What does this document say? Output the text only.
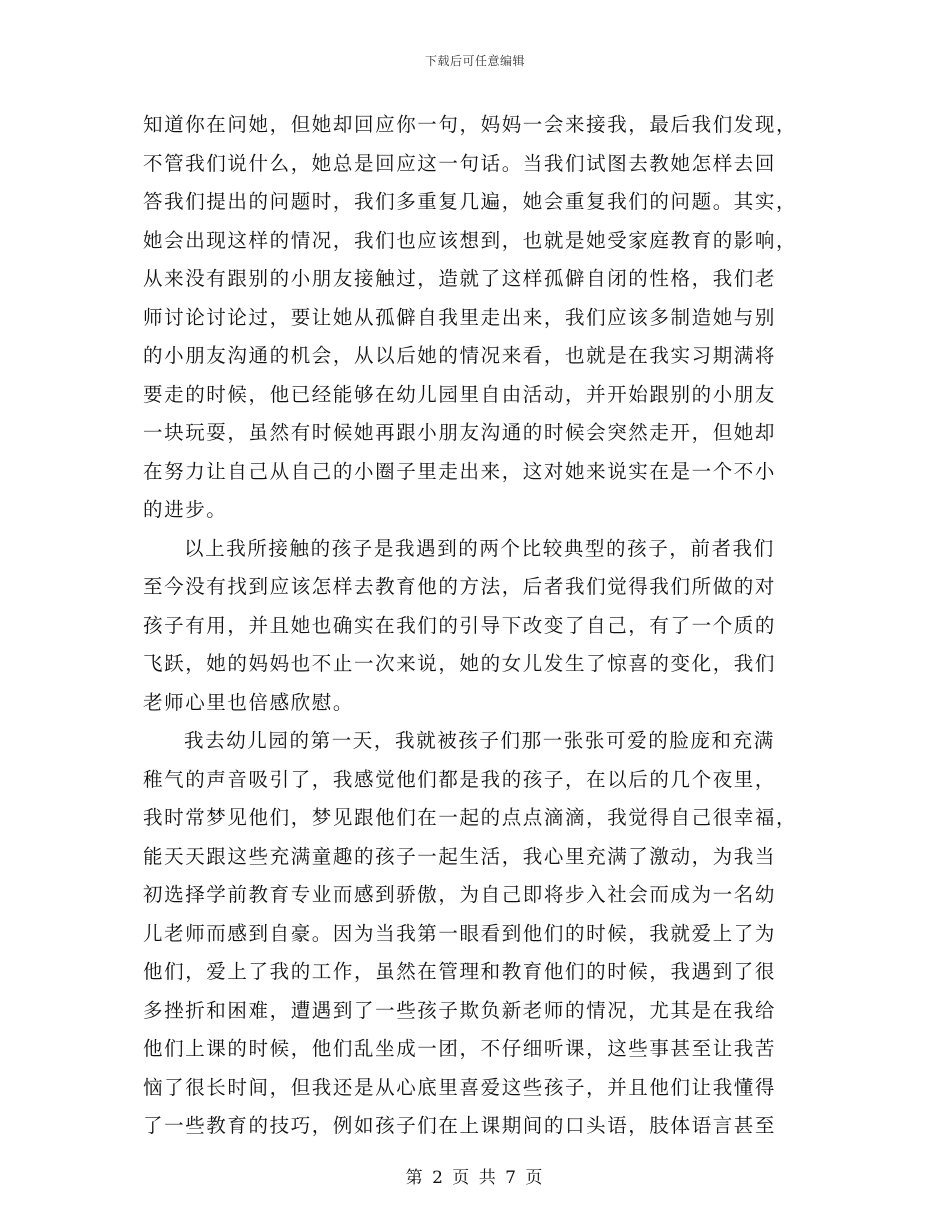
下载后可任意编辑
知道你在问她，但她却回应你一句，妈妈一会来接我，最后我们发现，
不管我们说什么，她总是回应这一句话。当我们试图去教她怎样去回
答我们提出的问题时，我们多重复几遍，她会重复我们的问题。其实，
她会出现这样的情况，我们也应该想到，也就是她受家庭教育的影响，
从来没有跟别的小朋友接触过，造就了这样孤僻自闭的性格，我们老
师讨论讨论过，要让她从孤僻自我里走出来，我们应该多制造她与别
的小朋友沟通的机会，从以后她的情况来看，也就是在我实习期满将
要走的时候，他已经能够在幼儿园里自由活动，并开始跟别的小朋友
一块玩耍，虽然有时候她再跟小朋友沟通的时候会突然走开，但她却
在努力让自己从自己的小圈子里走出来，这对她来说实在是一个不小
的进步。
以上我所接触的孩子是我遇到的两个比较典型的孩子，前者我们
至今没有找到应该怎样去教育他的方法，后者我们觉得我们所做的对
孩子有用，并且她也确实在我们的引导下改变了自己，有了一个质的
飞跃，她的妈妈也不止一次来说，她的女儿发生了惊喜的变化，我们
老师心里也倍感欣慰。
我去幼儿园的第一天，我就被孩子们那一张张可爱的脸庞和充满
稚气的声音吸引了，我感觉他们都是我的孩子，在以后的几个夜里，
我时常梦见他们，梦见跟他们在一起的点点滴滴，我觉得自己很幸福，
能天天跟这些充满童趣的孩子一起生活，我心里充满了激动，为我当
初选择学前教育专业而感到骄傲，为自己即将步入社会而成为一名幼
儿老师而感到自豪。因为当我第一眼看到他们的时候，我就爱上了为
他们，爱上了我的工作，虽然在管理和教育他们的时候，我遇到了很
多挫折和困难，遭遇到了一些孩子欺负新老师的情况，尤其是在我给
他们上课的时候，他们乱坐成一团，不仔细听课，这些事甚至让我苦
恼了很长时间，但我还是从心底里喜爱这些孩子，并且他们让我懂得
了一些教育的技巧，例如孩子们在上课期间的口头语，肢体语言甚至
第 2 页 共 7 页
